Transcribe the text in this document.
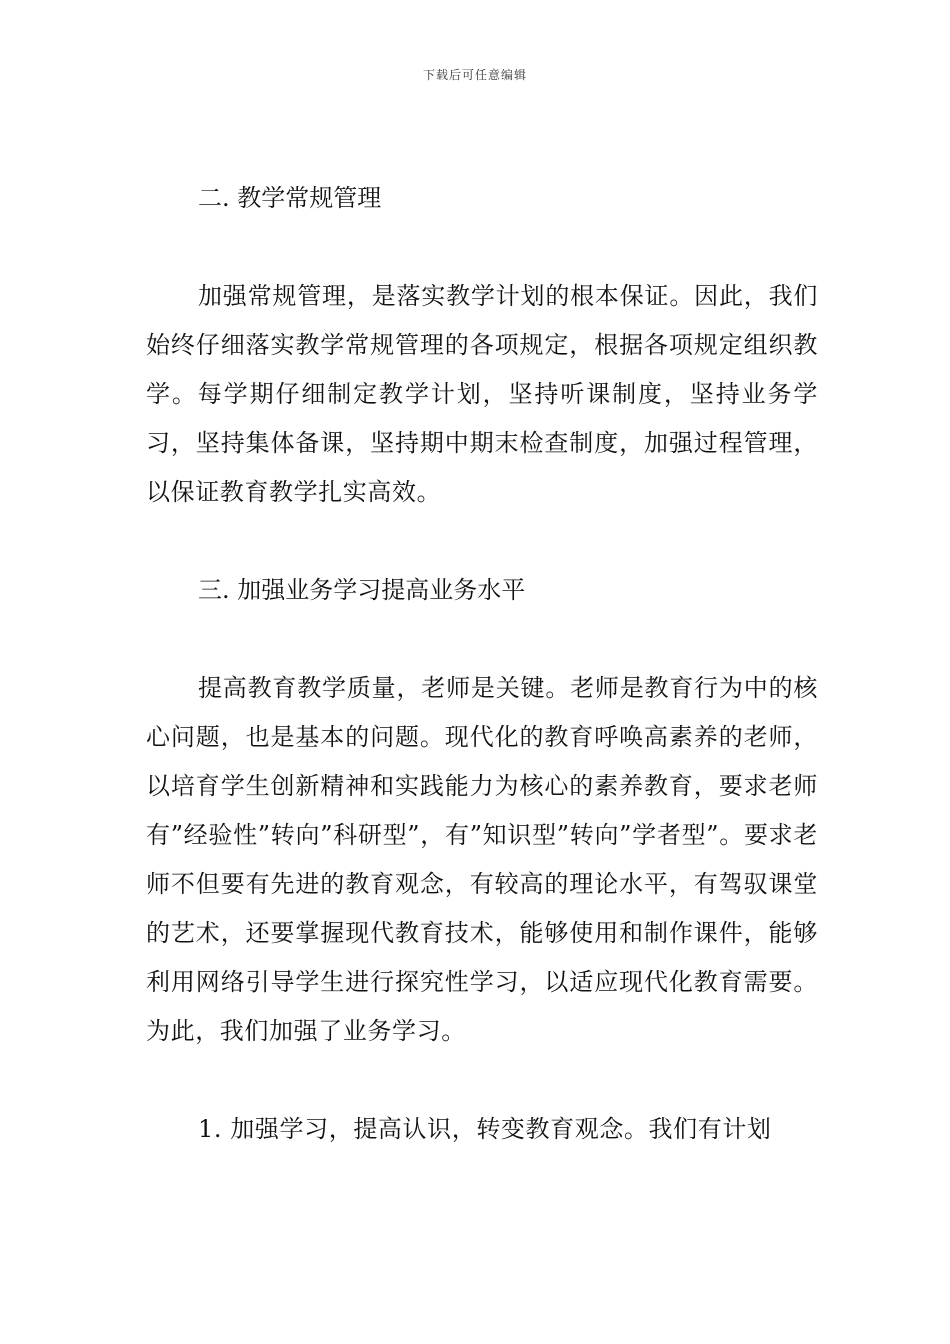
下载后可任意编辑

二. 教学常规管理

加强常规管理，是落实教学计划的根本保证。因此，我们始终仔细落实教学常规管理的各项规定，根据各项规定组织教学。每学期仔细制定教学计划，坚持听课制度，坚持业务学习，坚持集体备课，坚持期中期末检查制度，加强过程管理，以保证教育教学扎实高效。

三. 加强业务学习提高业务水平

提高教育教学质量，老师是关键。老师是教育行为中的核心问题，也是基本的问题。现代化的教育呼唤高素养的老师，以培育学生创新精神和实践能力为核心的素养教育，要求老师有”经验性”转向”科研型”，有”知识型”转向”学者型”。要求老师不但要有先进的教育观念，有较高的理论水平，有驾驭课堂的艺术，还要掌握现代教育技术，能够使用和制作课件，能够利用网络引导学生进行探究性学习，以适应现代化教育需要。为此，我们加强了业务学习。

1. 加强学习，提高认识，转变教育观念。我们有计划
